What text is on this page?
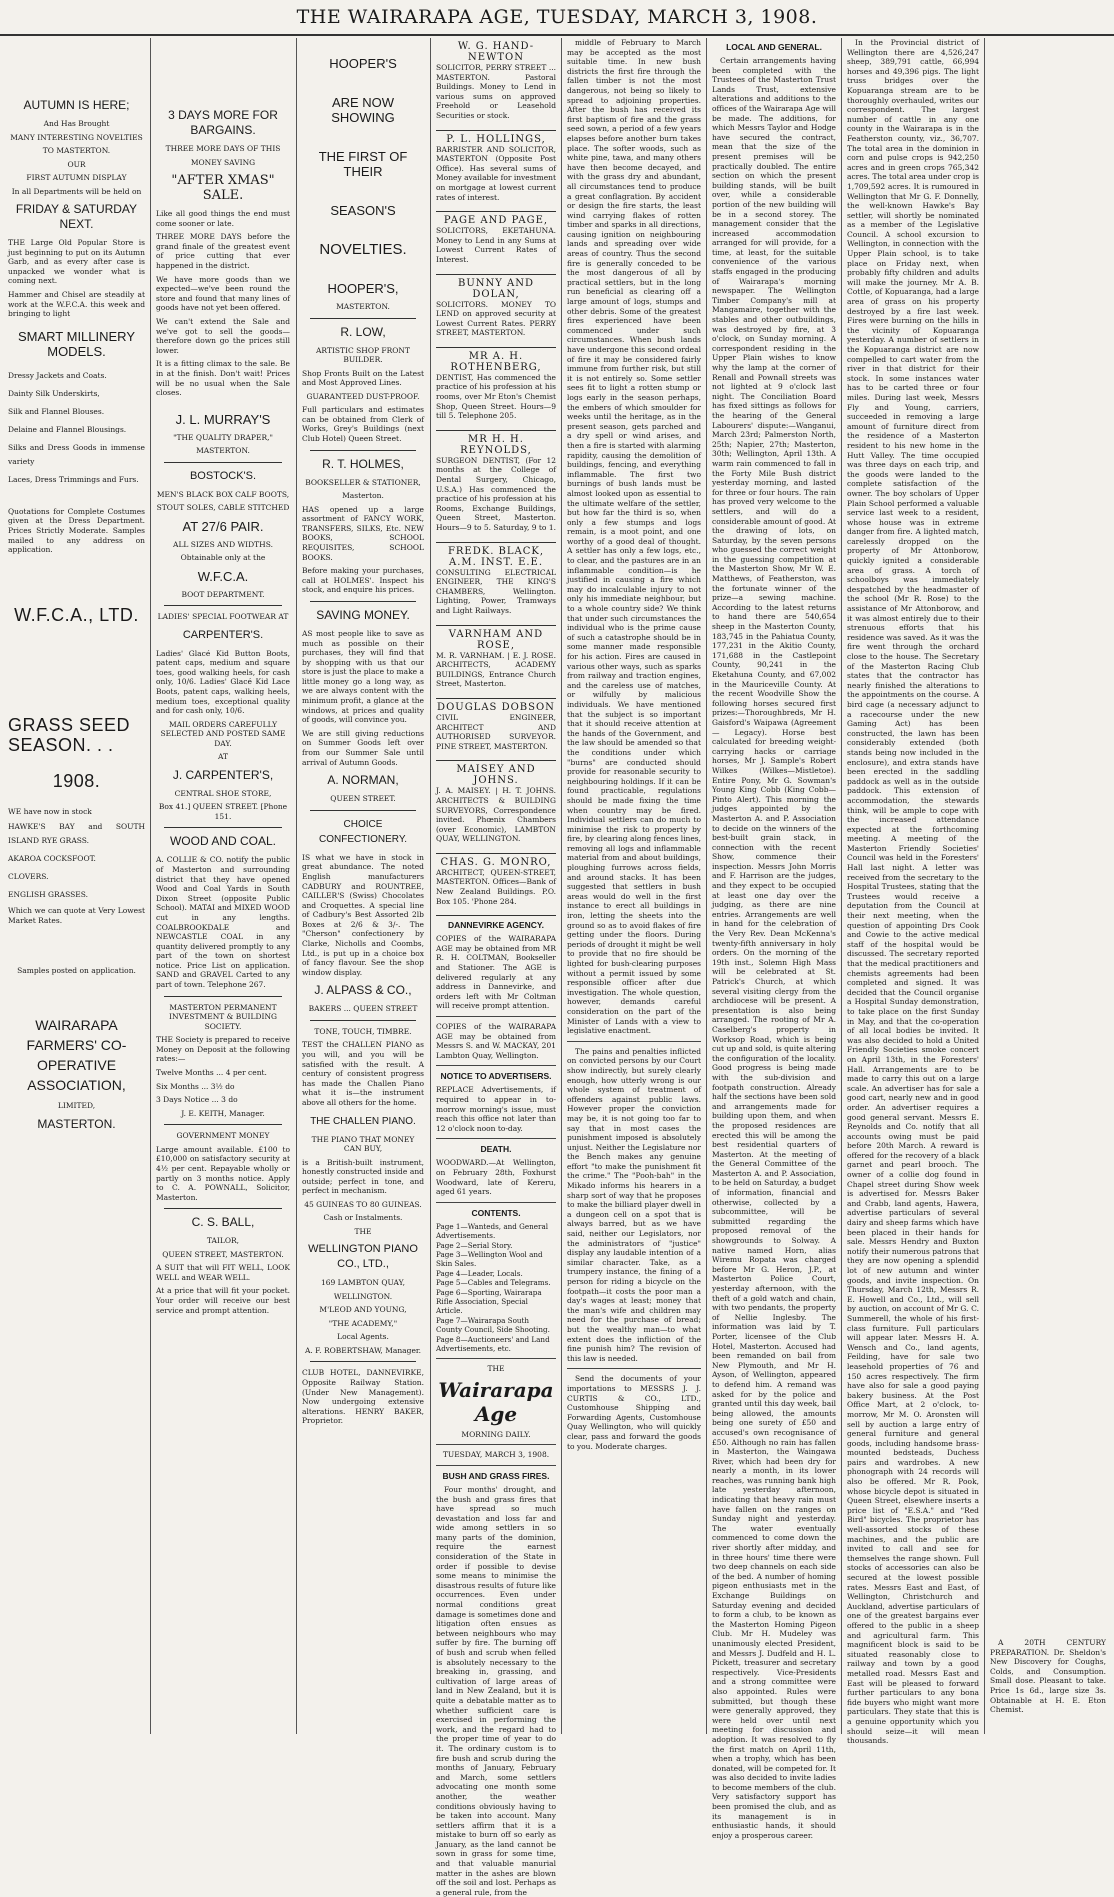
THE WAIRARAPA AGE, TUESDAY, MARCH 3, 1908.
AUTUMN IS HERE;
And Has Brought
MANY INTERESTING NOVELTIES
TO MASTERTON.
OUR
FIRST AUTUMN DISPLAY
In all Departments will be held on
FRIDAY & SATURDAY NEXT.
THE Large Old Popular Store is just beginning to put on its Autumn Garb, and as every after case is unpacked we wonder what is coming next.
Hammer and Chisel are steadily at work at the W.F.C.A. this week and bringing to light
SMART MILLINERY MODELS.
Dressy Jackets and Coats.
Dainty Silk Underskirts,
Silk and Flannel Blouses.
Delaine and Flannel Blousings.
Silks and Dress Goods in immense variety
Laces, Dress Trimmings and Furs.
Quotations for Complete Costumes given at the Dress Department. Prices Strictly Moderate. Samples mailed to any address on application.
W.F.C.A., LTD.
GRASS SEED SEASON. . .
1908.
WE have now in stock
HAWKE'S BAY and SOUTH ISLAND RYE GRASS.
AKAROA COCKSFOOT.
CLOVERS.
ENGLISH GRASSES.
Which we can quote at Very Lowest Market Rates.
Samples posted on application.
WAIRARAPA FARMERS' CO-OPERATIVE ASSOCIATION,
LIMITED,
MASTERTON.
3 DAYS MORE FOR BARGAINS.
THREE MORE DAYS OF THIS
MONEY SAVING
"AFTER XMAS" SALE.
Like all good things the end must come sooner or late.
THREE MORE DAYS before the grand finale of the greatest event of price cutting that ever happened in the district.
We have more goods than we expected—we've been round the store and found that many lines of goods have not yet been offered.
We can't extend the Sale and we've got to sell the goods—therefore down go the prices still lower.
It is a fitting climax to the sale. Be in at the finish. Don't wait! Prices will be no usual when the Sale closes.
J. L. MURRAY'S
"THE QUALITY DRAPER,"
MASTERTON.
BOSTOCK'S.
MEN'S BLACK BOX CALF BOOTS,
STOUT SOLES, CABLE STITCHED
AT 27/6 PAIR.
ALL SIZES AND WIDTHS.
Obtainable only at the
W.F.C.A.
BOOT DEPARTMENT.
LADIES' SPECIAL FOOTWEAR AT
CARPENTER'S.
Ladies' Glacé Kid Button Boots, patent caps, medium and square toes, good walking heels, for cash only, 10/6. Ladies' Glacé Kid Lace Boots, patent caps, walking heels, medium toes, exceptional quality and for cash only, 10/6.
MAIL ORDERS CAREFULLY SELECTED AND POSTED SAME DAY.
AT
J. CARPENTER'S,
CENTRAL SHOE STORE,
Box 41.] QUEEN STREET. [Phone 151.
WOOD AND COAL.
A. COLLIE & CO. notify the public of Masterton and surrounding district that they have opened Wood and Coal Yards in South Dixon Street (opposite Public School). MATAI and MIXED WOOD cut in any lengths. COALBROOKDALE and NEWCASTLE COAL in any quantity delivered promptly to any part of the town on shortest notice. Price List on application. SAND and GRAVEL Carted to any part of town. Telephone 267.
MASTERTON PERMANENT INVESTMENT & BUILDING SOCIETY.
THE Society is prepared to receive Money on Deposit at the following rates:—
Twelve Months ... 4 per cent.
Six Months ... 3½ do
3 Days Notice ... 3 do
J. E. KEITH, Manager.
GOVERNMENT MONEY
Large amount available. £100 to £10,000 on satisfactory security at 4½ per cent. Repayable wholly or partly on 3 months notice. Apply to C. A. POWNALL, Solicitor, Masterton.
C. S. BALL,
TAILOR,
QUEEN STREET, MASTERTON.
A SUIT that will FIT WELL, LOOK WELL and WEAR WELL.
At a price that will fit your pocket. Your order will receive our best service and prompt attention.
HOOPER'S
ARE NOW SHOWING
THE FIRST OF THEIR
SEASON'S
NOVELTIES.
HOOPER'S,
MASTERTON.
R. LOW,
ARTISTIC SHOP FRONT BUILDER.
Shop Fronts Built on the Latest and Most Approved Lines.
GUARANTEED DUST-PROOF.
Full particulars and estimates can be obtained from Clerk of Works, Grey's Buildings (next Club Hotel) Queen Street.
R. T. HOLMES,
BOOKSELLER & STATIONER,
Masterton.
HAS opened up a large assortment of FANCY WORK, TRANSFERS, SILKS, Etc. NEW BOOKS, SCHOOL REQUISITES, SCHOOL BOOKS.
Before making your purchases, call at HOLMES'. Inspect his stock, and enquire his prices.
SAVING MONEY.
AS most people like to save as much as possible on their purchases, they will find that by shopping with us that our store is just the place to make a little money go a long way, as we are always content with the minimum profit, a glance at the windows, at prices and quality of goods, will convince you.
We are still giving reductions on Summer Goods left over from our Summer Sale until arrival of Autumn Goods.
A. NORMAN,
QUEEN STREET.
CHOICE CONFECTIONERY.
IS what we have in stock in great abundance. The noted English manufacturers CADBURY and ROUNTREE, CAILLER'S (Swiss) Chocolates and Croquettes. A special line of Cadbury's Best Assorted 2lb Boxes at 2/6 & 3/-. The "Cherson" confectionery by Clarke, Nicholls and Coombs, Ltd., is put up in a choice box of fancy flavour. See the shop window display.
J. ALPASS & CO.,
BAKERS ... QUEEN STREET
TONE, TOUCH, TIMBRE.
TEST the CHALLEN PIANO as you will, and you will be satisfied with the result. A century of consistent progress has made the Challen Piano what it is—the instrument above all others for the home.
THE CHALLEN PIANO.
THE PIANO THAT MONEY CAN BUY,
is a British-built instrument, honestly constructed inside and outside; perfect in tone, and perfect in mechanism.
45 GUINEAS TO 80 GUINEAS.
Cash or Instalments.
THE
WELLINGTON PIANO CO., LTD.,
169 LAMBTON QUAY,
WELLINGTON.
M'LEOD AND YOUNG,
"THE ACADEMY,"
Local Agents.
A. F. ROBERTSHAW, Manager.
CLUB HOTEL, DANNEVIRKE, Opposite Railway Station. (Under New Management). Now undergoing extensive alterations. HENRY BAKER, Proprietor.
W. G. HAND-NEWTON
SOLICITOR, PERRY STREET ... MASTERTON. Pastoral Buildings. Money to Lend in various sums on approved Freehold or Leasehold Securities or stock.
P. L. HOLLINGS,
BARRISTER AND SOLICITOR, MASTERTON (Opposite Post Office). Has several sums of Money available for investment on mortgage at lowest current rates of interest.
PAGE AND PAGE,
SOLICITORS, EKETAHUNA. Money to Lend in any Sums at Lowest Current Rates of Interest.
BUNNY AND DOLAN,
SOLICITORS. MONEY TO LEND on approved security at Lowest Current Rates. PERRY STREET, MASTERTON.
MR A. H. ROTHENBERG,
DENTIST, Has commenced the practice of his profession at his rooms, over Mr Eton's Chemist Shop, Queen Street. Hours—9 till 5. Telephone 205.
MR H. H. REYNOLDS,
SURGEON DENTIST, (For 12 months at the College of Dental Surgery, Chicago, U.S.A.) Has commenced the practice of his profession at his Rooms, Exchange Buildings, Queen Street, Masterton. Hours—9 to 5. Saturday, 9 to 1.
FREDK. BLACK, A.M. INST. E.E.
CONSULTING ELECTRICAL ENGINEER, THE KING'S CHAMBERS, Wellington. Lighting, Power, Tramways and Light Railways.
VARNHAM AND ROSE,
M. R. VARNHAM. | E. J. ROSE. ARCHITECTS, ACADEMY BUILDINGS, Entrance Church Street, Masterton.
DOUGLAS DOBSON
CIVIL ENGINEER, ARCHITECT AND AUTHORISED SURVEYOR. PINE STREET, MASTERTON.
MAISEY AND JOHNS.
J. A. MAISEY. | H. T. JOHNS. ARCHITECTS & BUILDING SURVEYORS, Correspondence invited. Phœnix Chambers (over Economic), LAMBTON QUAY, WELLINGTON.
CHAS. G. MONRO,
ARCHITECT, QUEEN-STREET, MASTERTON. Offices—Bank of New Zealand Buildings. P.O. Box 105. 'Phone 284.
DANNEVIRKE AGENCY.
COPIES of the WAIRARAPA AGE may be obtained from MR R. H. COLTMAN, Bookseller and Stationer. The AGE is delivered regularly at any address in Dannevirke, and orders left with Mr Coltman will receive prompt attention.
COPIES of the WAIRARAPA AGE may be obtained from Messrs S. and W. MACKAY, 201 Lambton Quay, Wellington.
NOTICE TO ADVERTISERS.
REPLACE Advertisements, if required to appear in to-morrow morning's issue, must reach this office not later than 12 o'clock noon to-day.
DEATH.
WOODWARD.—At Wellington, on February 28th, Foxhurst Woodward, late of Kereru, aged 61 years.
CONTENTS.
Page 1—Wanteds, and General Advertisements.
Page 2—Serial Story.
Page 3—Wellington Wool and Skin Sales.
Page 4—Leader, Locals.
Page 5—Cables and Telegrams.
Page 6—Sporting, Wairarapa Rifle Association, Special Article.
Page 7—Wairarapa South County Council, Side Shooting.
Page 8—Auctioneers' and Land Advertisements, etc.
THE
Wairarapa Age
MORNING DAILY.
TUESDAY, MARCH 3, 1908.
BUSH AND GRASS FIRES.
Four months' drought, and the bush and grass fires that have spread so much devastation and loss far and wide among settlers in so many parts of the dominion, require the earnest consideration of the State in order if possible to devise some means to minimise the disastrous results of future like occurrences. Even under normal conditions great damage is sometimes done and litigation often ensues as between neighbours who may suffer by fire. The burning off of bush and scrub when felled is absolutely necessary to the breaking in, grassing, and cultivation of large areas of land in New Zealand, but it is quite a debatable matter as to whether sufficient care is exercised in performing the work, and the regard had to the proper time of year to do it. The ordinary custom is to fire bush and scrub during the months of January, February and March, some settlers advocating one month some another, the weather conditions obviously having to be taken into account. Many settlers affirm that it is a mistake to burn off so early as January, as the land cannot be sown in grass for some time, and that valuable manurial matter in the ashes are blown off the soil and lost. Perhaps as a general rule, from the
middle of February to March may be accepted as the most suitable time. In new bush districts the first fire through the fallen timber is not the most dangerous, not being so likely to spread to adjoining properties. After the bush has received its first baptism of fire and the grass seed sown, a period of a few years elapses before another burn takes place. The softer woods, such as white pine, tawa, and many others have then become decayed, and with the grass dry and abundant, all circumstances tend to produce a great conflagration. By accident or design the fire starts, the least wind carrying flakes of rotten timber and sparks in all directions, causing ignition on neighbouring lands and spreading over wide areas of country. Thus the second fire is generally conceded to be the most dangerous of all by practical settlers, but in the long run beneficial as clearing off a large amount of logs, stumps and other debris. Some of the greatest fires experienced have been commenced under such circumstances. When bush lands have undergone this second ordeal of fire it may be considered fairly immune from further risk, but still it is not entirely so. Some settler sees fit to light a rotten stump or logs early in the season perhaps, the embers of which smoulder for weeks until the heritage, as in the present season, gets parched and a dry spell or wind arises, and then a fire is started with alarming rapidity, causing the demolition of buildings, fencing, and everything inflammable. The first two burnings of bush lands must be almost looked upon as essential to the ultimate welfare of the settler, but how far the third is so, when only a few stumps and logs remain, is a moot point, and one worthy of a good deal of thought. A settler has only a few logs, etc., to clear, and the pastures are in an inflammable condition—is he justified in causing a fire which may do incalculable injury to not only his immediate neighbour, but to a whole country side? We think that under such circumstances the individual who is the prime cause of such a catastrophe should be in some manner made responsible for his action. Fires are caused in various other ways, such as sparks from railway and traction engines, and the careless use of matches, or wilfully by malicious individuals. We have mentioned that the subject is so important that it should receive attention at the hands of the Government, and the law should be amended so that the conditions under which "burns" are conducted should provide for reasonable security to neighbouring holdings. If it can be found practicable, regulations should be made fixing the time when country may be fired. Individual settlers can do much to minimise the risk to property by fire, by clearing along fences lines, removing all logs and inflammable material from and about buildings, ploughing furrows across fields, and around stacks. It has been suggested that settlers in bush areas would do well in the first instance to erect all buildings in iron, letting the sheets into the ground so as to avoid flakes of fire getting under the floors. During periods of drought it might be well to provide that no fire should be lighted for bush-clearing purposes without a permit issued by some responsible officer after due investigation. The whole question, however, demands careful consideration on the part of the Minister of Lands with a view to legislative enactment.
The pains and penalties inflicted on convicted persons by our Court show indirectly, but surely clearly enough, how utterly wrong is our whole system of treatment of offenders against public laws. However proper the conviction may be, it is not going too far to say that in most cases the punishment imposed is absolutely unjust. Neither the Legislature nor the Bench makes any genuine effort "to make the punishment fit the crime." The "Pooh-bah" in the Mikado informs his hearers in a sharp sort of way that he proposes to make the billiard player dwell in a dungeon cell on a spot that is always barred, but as we have said, neither our Legislators, nor the administrators of "justice" display any laudable intention of a similar character. Take, as a trumpery instance, the fining of a person for riding a bicycle on the footpath—it costs the poor man a day's wages at least; money that the man's wife and children may need for the purchase of bread; but the wealthy man—to what extent does the infliction of the fine punish him? The revision of this law is needed.
Send the documents of your importations to MESSRS J. J. CURTIS & CO., LTD., Customhouse Shipping and Forwarding Agents, Customhouse Quay Wellington, who will quickly clear, pass and forward the goods to you. Moderate charges.
LOCAL AND GENERAL.
Certain arrangements having been completed with the Trustees of the Masterton Trust Lands Trust, extensive alterations and additions to the offices of the Wairarapa Age will be made. The additions, for which Messrs Taylor and Hodge have secured the contract, mean that the size of the present premises will be practically doubled. The entire section on which the present building stands, will be built over, while a considerable portion of the new building will be in a second storey. The management consider that the increased accommodation arranged for will provide, for a time, at least, for the suitable convenience of the various staffs engaged in the producing of Wairarapa's morning newspaper. The Wellington Timber Company's mill at Mangamaire, together with the stables and other outbuildings, was destroyed by fire, at 3 o'clock, on Sunday morning. A correspondent residing in the Upper Plain wishes to know why the lamp at the corner of Renall and Pownall streets was not lighted at 9 o'clock last night. The Conciliation Board has fixed sittings as follows for the hearing of the General Labourers' dispute:—Wanganui, March 23rd; Palmerston North, 25th; Napier, 27th; Masterton, 30th; Wellington, April 13th. A warm rain commenced to fall in the Forty Mile Bush district yesterday morning, and lasted for three or four hours. The rain has proved very welcome to the settlers, and will do a considerable amount of good. At the drawing of lots, on Saturday, by the seven persons who guessed the correct weight in the guessing competition at the Masterton Show, Mr W. E. Matthews, of Featherston, was the fortunate winner of the prize—a sewing machine. According to the latest returns to hand there are 540,654 sheep in the Masterton County, 183,745 in the Pahiatua County, 177,231 in the Akitio County, 171,688 in the Castlepoint County, 90,241 in the Eketahuna County, and 67,002 in the Mauriceville County. At the recent Woodville Show the following horses secured first prizes:—Thoroughbreds, Mr H. Gaisford's Waipawa (Agreement — Legacy). Horse best calculated for breeding weight-carrying hacks or carriage horses, Mr J. Sample's Robert Wilkes (Wilkes—Mistletoe). Entire Pony, Mr G. Sowman's Young King Cobb (King Cobb—Pinto Alert). This morning the judges appointed by the Masterton A. and P. Association to decide on the winners of the best-built grain stack, in connection with the recent Show, commence their inspection. Messrs John Morris and F. Harrison are the judges, and they expect to be occupied at least one day over the judging, as there are nine entries. Arrangements are well in hand for the celebration of the Very Rev. Dean McKenna's twenty-fifth anniversary in holy orders. On the morning of the 19th inst., Solemn High Mass will be celebrated at St. Patrick's Church, at which several visiting clergy from the archdiocese will be present. A presentation is also being arranged. The rooting of Mr A. Caselberg's property in Worksop Road, which is being cut up and sold, is quite altering the configuration of the locality. Good progress is being made with the sub-division and footpath construction. Already half the sections have been sold and arrangements made for building upon them, and when the proposed residences are erected this will be among the best residential quarters of Masterton. At the meeting of the General Committee of the Masterton A. and P. Association, to be held on Saturday, a budget of information, financial and otherwise, collected by a subcommittee, will be submitted regarding the proposed removal of the showgrounds to Solway. A native named Horn, alias Wiremu Ropata was charged before Mr G. Heron, J.P., at Masterton Police Court, yesterday afternoon, with the theft of a gold watch and chain, with two pendants, the property of Nellie Inglesby. The information was laid by T. Porter, licensee of the Club Hotel, Masterton. Accused had been remanded on bail from New Plymouth, and Mr H. Ayson, of Wellington, appeared to defend him. A remand was asked for by the police and granted until this day week, bail being allowed, the amounts being one surety of £50 and accused's own recognisance of £50. Although no rain has fallen in Masterton, the Waingawa River, which had been dry for nearly a month, in its lower reaches, was running bank high late yesterday afternoon, indicating that heavy rain must have fallen on the ranges on Sunday night and yesterday. The water eventually commenced to come down the river shortly after midday, and in three hours' time there were two deep channels on each side of the bed. A number of homing pigeon enthusiasts met in the Exchange Buildings on Saturday evening and decided to form a club, to be known as the Masterton Homing Pigeon Club. Mr H. Mudeley was unanimously elected President, and Messrs J. Dudfeld and H. L. Pickett, treasurer and secretary respectively. Vice-Presidents and a strong committee were also appointed. Rules were submitted, but though these were generally approved, they were held over until next meeting for discussion and adoption. It was resolved to fly the first match on April 11th, when a trophy, which has been donated, will be competed for. It was also decided to invite ladies to become members of the club. Very satisfactory support has been promised the club, and as its management is in enthusiastic hands, it should enjoy a prosperous career.
In the Provincial district of Wellington there are 4,526,247 sheep, 389,791 cattle, 66,994 horses and 49,396 pigs. The light truss bridges over the Kopuaranga stream are to be thoroughly overhauled, writes our correspondent. The largest number of cattle in any one county in the Wairarapa is in the Featherston county, viz., 36,707. The total area in the dominion in corn and pulse crops is 942,250 acres and in green crops 765,342 acres. The total area under crop is 1,709,592 acres. It is rumoured in Wellington that Mr G. F. Donnelly, the well-known Hawke's Bay settler, will shortly be nominated as a member of the Legislative Council. A school excursion to Wellington, in connection with the Upper Plain school, is to take place on Friday next, when probably fifty children and adults will make the journey. Mr A. B. Cottle, of Kopuaranga, had a large area of grass on his property destroyed by a fire last week. Fires were burning on the hills in the vicinity of Kopuaranga yesterday. A number of settlers in the Kopuaranga district are now compelled to cart water from the river in that district for their stock. In some instances water has to be carted three or four miles. During last week, Messrs Fly and Young, carriers, succeeded in removing a large amount of furniture direct from the residence of a Masterton resident to his new home in the Hutt Valley. The time occupied was three days on each trip, and the goods were landed to the complete satisfaction of the owner. The boy scholars of Upper Plain School performed a valuable service last week to a resident, whose house was in extreme danger from fire. A lighted match, carelessly dropped on the property of Mr Attonborow, quickly ignited a considerable area of grass. A torch of schoolboys was immediately despatched by the headmaster of the school (Mr R. Rose) to the assistance of Mr Attonborow, and it was almost entirely due to their strenuous efforts that his residence was saved. As it was the fire went through the orchard close to the house. The Secretary of the Masterton Racing Club states that the contractor has nearly finished the alterations to the appointments on the course. A bird cage (a necessary adjunct to a racecourse under the new Gaming Act) has been constructed, the lawn has been considerably extended (both stands being now included in the enclosure), and extra stands have been erected in the saddling paddock as well as in the outside paddock. This extension of accommodation, the stewards think, will be ample to cope with the increased attendance expected at the forthcoming meeting. A meeting of the Masterton Friendly Societies' Council was held in the Foresters' Hall last night. A letter was received from the secretary to the Hospital Trustees, stating that the Trustees would receive a deputation from the Council at their next meeting, when the question of appointing Drs Cook and Cowie to the active medical staff of the hospital would be discussed. The secretary reported that the medical practitioners and chemists agreements had been completed and signed. It was decided that the Council organise a Hospital Sunday demonstration, to take place on the first Sunday in May, and that the co-operation of all local bodies be invited. It was also decided to hold a United Friendly Societies smoke concert on April 13th, in the Foresters' Hall. Arrangements are to be made to carry this out on a large scale. An advertiser has for sale a good cart, nearly new and in good order. An advertiser requires a good general servant. Messrs E. Reynolds and Co. notify that all accounts owing must be paid before 20th March. A reward is offered for the recovery of a black garnet and pearl brooch. The owner of a collie dog found in Chapel street during Show week is advertised for. Messrs Baker and Crabb, land agents, Hawera, advertise particulars of several dairy and sheep farms which have been placed in their hands for sale. Messrs Hendry and Buxton notify their numerous patrons that they are now opening a splendid lot of new autumn and winter goods, and invite inspection. On Thursday, March 12th, Messrs R. E. Howell and Co., Ltd., will sell by auction, on account of Mr G. C. Summerell, the whole of his first-class furniture. Full particulars will appear later. Messrs H. A. Wensch and Co., land agents, Feilding, have for sale two leasehold properties of 76 and 150 acres respectively. The firm have also for sale a good paying bakery business. At the Post Office Mart, at 2 o'clock, to-morrow, Mr M. O. Aronsten will sell by auction a large entry of general furniture and general goods, including handsome brass-mounted bedsteads, Duchess pairs and wardrobes. A new phonograph with 24 records will also be offered. Mr R. Pook, whose bicycle depot is situated in Queen Street, elsewhere inserts a price list of "E.S.A." and "Red Bird" bicycles. The proprietor has well-assorted stocks of these machines, and the public are invited to call and see for themselves the range shown. Full stocks of accessories can also be secured at the lowest possible rates. Messrs East and East, of Wellington, Christchurch and Auckland, advertise particulars of one of the greatest bargains ever offered to the public in a sheep and agricultural farm. This magnificent block is said to be situated reasonably close to railway and town by a good metalled road. Messrs East and East will be pleased to forward further particulars to any bona fide buyers who might want more particulars. They state that this is a genuine opportunity which you should seize—it will mean thousands.
A 20TH CENTURY PREPARATION. Dr. Sheldon's New Discovery for Coughs, Colds, and Consumption. Small dose. Pleasant to take. Price 1s 6d., large size 3s. Obtainable at H. E. Eton Chemist.
